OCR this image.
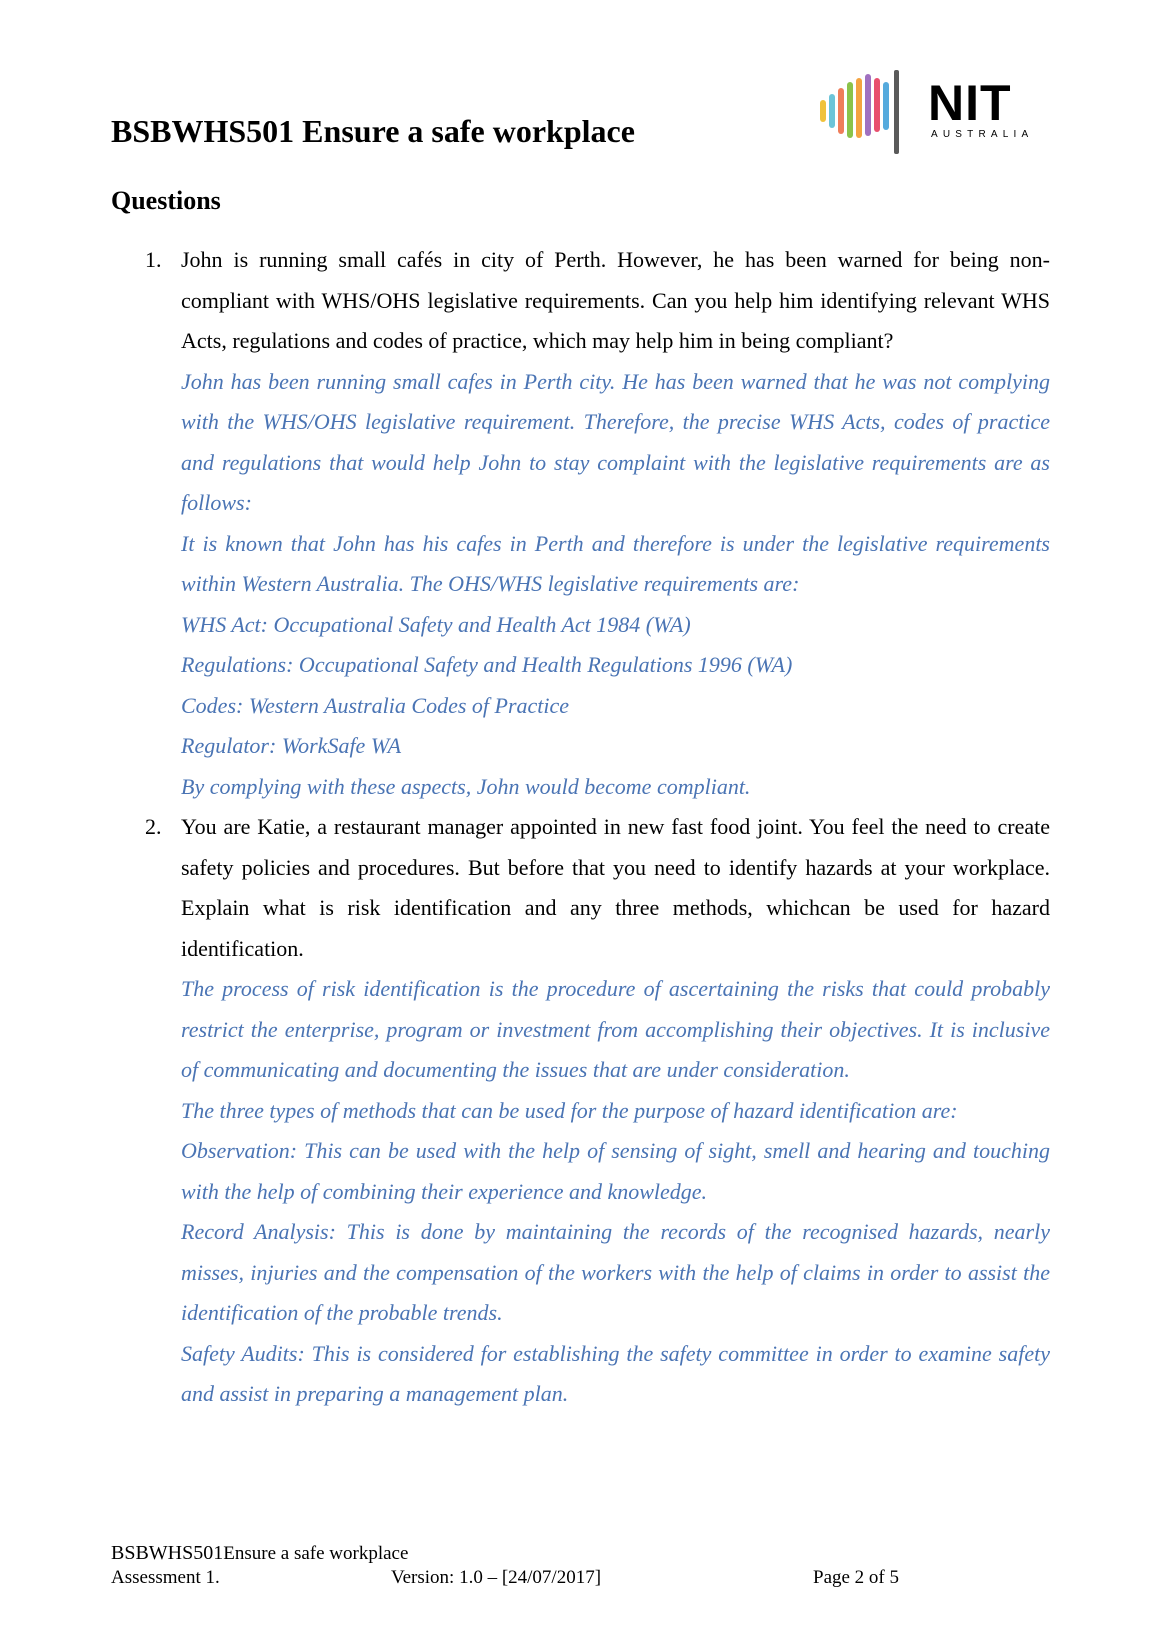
BSBWHS501 Ensure a safe workplace	NIT
AUSTRALIA
Questions
1. John is running small cafés in city of Perth. However, he has been warned for being non-compliant with WHS/OHS legislative requirements. Can you help him identifying relevant WHS Acts, regulations and codes of practice, which may help him in being compliant?

John has been running small cafes in Perth city. He has been warned that he was not complying with the WHS/OHS legislative requirement. Therefore, the precise WHS Acts, codes of practice and regulations that would help John to stay complaint with the legislative requirements are as follows:

It is known that John has his cafes in Perth and therefore is under the legislative requirements within Western Australia. The OHS/WHS legislative requirements are:

WHS Act: Occupational Safety and Health Act 1984 (WA)

Regulations: Occupational Safety and Health Regulations 1996 (WA)

Codes: Western Australia Codes of Practice

Regulator: WorkSafe WA

By complying with these aspects, John would become compliant.

2. You are Katie, a restaurant manager appointed in new fast food joint. You feel the need to create safety policies and procedures. But before that you need to identify hazards at your workplace. Explain what is risk identification and any three methods, whichcan be used for hazard identification.

The process of risk identification is the procedure of ascertaining the risks that could probably restrict the enterprise, program or investment from accomplishing their objectives. It is inclusive of communicating and documenting the issues that are under consideration.

The three types of methods that can be used for the purpose of hazard identification are:

Observation: This can be used with the help of sensing of sight, smell and hearing and touching with the help of combining their experience and knowledge.

Record Analysis: This is done by maintaining the records of the recognised hazards, nearly misses, injuries and the compensation of the workers with the help of claims in order to assist the identification of the probable trends.

Safety Audits: This is considered for establishing the safety committee in order to examine safety and assist in preparing a management plan.

BSBWHS501Ensure a safe workplace
Assessment 1.	Version: 1.0 – [24/07/2017]	Page 2 of 5
